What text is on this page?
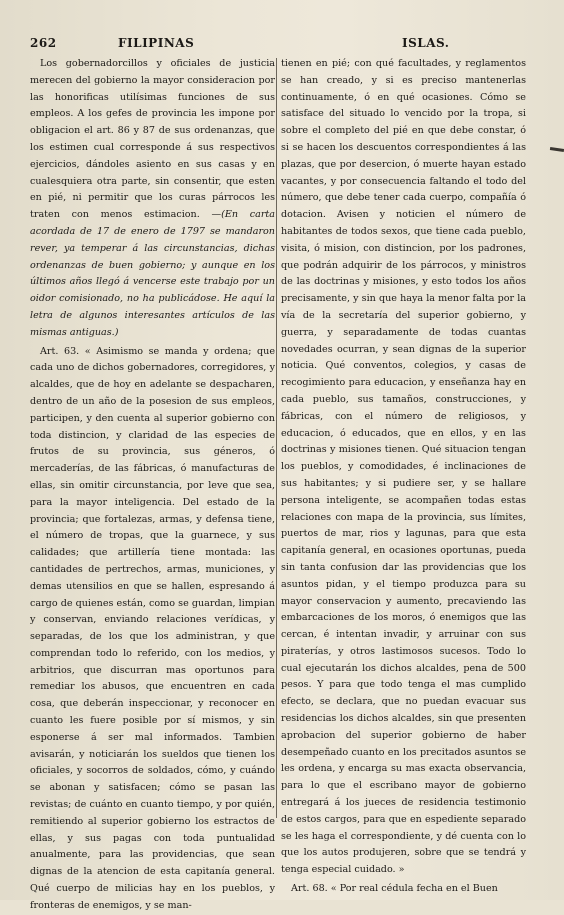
262	FILIPINAS	ISLAS.

Los gobernadorcillos y oficiales de justicia merecen del gobierno la mayor consideracion por las honorificas utilísimas funciones de sus empleos. A los gefes de provincia les impone por obligacion el art. 86 y 87 de sus ordenanzas, que los estimen cual corresponde á sus respectivos ejercicios, dándoles asiento en sus casas y en cualesquiera otra parte, sin consentir, que esten en pié, ni permitir que los curas párrocos les traten con menos estimacion. —(En carta acordada de 17 de enero de 1797 se mandaron rever, ya temperar á las circunstancias, dichas ordenanzas de buen gobierno; y aunque en los últimos años llegó á vencerse este trabajo por un oidor comisionado, no ha publicádose. He aquí la letra de algunos interesantes artículos de las mismas antiguas.)

Art. 63. « Asimismo se manda y ordena; que cada uno de dichos gobernadores, corregidores, y alcaldes, que de hoy en adelante se despacharen, dentro de un año de la posesion de sus empleos, participen, y den cuenta al superior gobierno con toda distincion, y claridad de las especies de frutos de su provincia, sus géneros, ó mercaderías, de las fábricas, ó manufacturas de ellas, sin omitir circunstancia, por leve que sea, para la mayor inteligencia. Del estado de la provincia; que fortalezas, armas, y defensa tiene, el número de tropas, que la guarnece, y sus calidades; que artillería tiene montada: las cantidades de pertrechos, armas, municiones, y demas utensilios en que se hallen, espresando á cargo de quienes están, como se guardan, limpian y conservan, enviando relaciones verídicas, y separadas, de los que los administran, y que comprendan todo lo referido, con los medios, y arbitrios, que discurran mas oportunos para remediar los abusos, que encuentren en cada cosa, que deberán inspeccionar, y reconocer en cuanto les fuere posible por sí mismos, y sin esponerse á ser mal informados. Tambien avisarán, y noticiarán los sueldos que tienen los oficiales, y socorros de soldados, cómo, y cuándo se abonan y satisfacen; cómo se pasan las revistas; de cuánto en cuanto tiempo, y por quién, remitiendo al superior gobierno los estractos de ellas, y sus pagas con toda puntualidad anualmente, para las providencias, que sean dignas de la atencion de esta capitanía general. Qué cuerpo de milicias hay en los pueblos, y fronteras de enemigos, y se man-

tienen en pié; con qué facultades, y reglamentos se han creado, y si es preciso mantenerlas continuamente, ó en qué ocasiones. Cómo se satisface del situado lo vencido por la tropa, si sobre el completo del pié en que debe constar, ó si se hacen los descuentos correspondientes á las plazas, que por desercion, ó muerte hayan estado vacantes, y por consecuencia faltando el todo del número, que debe tener cada cuerpo, compañía ó dotacion. Avisen y noticien el número de habitantes de todos sexos, que tiene cada pueblo, visita, ó mision, con distincion, por los padrones, que podrán adquirir de los párrocos, y ministros de las doctrinas y misiones, y esto todos los años precisamente, y sin que haya la menor falta por la vía de la secretaría del superior gobierno, y guerra, y separadamente de todas cuantas novedades ocurran, y sean dignas de la superior noticia. Qué conventos, colegios, y casas de recogimiento para educacion, y enseñanza hay en cada pueblo, sus tamaños, construcciones, y fábricas, con el número de religiosos, y educacion, ó educados, que en ellos, y en las doctrinas y misiones tienen. Qué situacion tengan los pueblos, y comodidades, é inclinaciones de sus habitantes; y si pudiere ser, y se hallare persona inteligente, se acompañen todas estas relaciones con mapa de la provincia, sus límites, puertos de mar, rios y lagunas, para que esta capitanía general, en ocasiones oportunas, pueda sin tanta confusion dar las providencias que los asuntos pidan, y el tiempo produzca para su mayor conservacion y aumento, precaviendo las embarcaciones de los moros, ó enemigos que las cercan, é intentan invadir, y arruinar con sus piraterías, y otros lastimosos sucesos. Todo lo cual ejecutarán los dichos alcaldes, pena de 500 pesos. Y para que todo tenga el mas cumplido efecto, se declara, que no puedan evacuar sus residencias los dichos alcaldes, sin que presenten aprobacion del superior gobierno de haber desempeñado cuanto en los precitados asuntos se les ordena, y encarga su mas exacta observancia, para lo que el escribano mayor de gobierno entregará á los jueces de residencia testimonio de estos cargos, para que en espediente separado se les haga el correspondiente, y dé cuenta con lo que los autos produjeren, sobre que se tendrá y tenga especial cuidado. »

Art. 68. « Por real cédula fecha en el Buen
